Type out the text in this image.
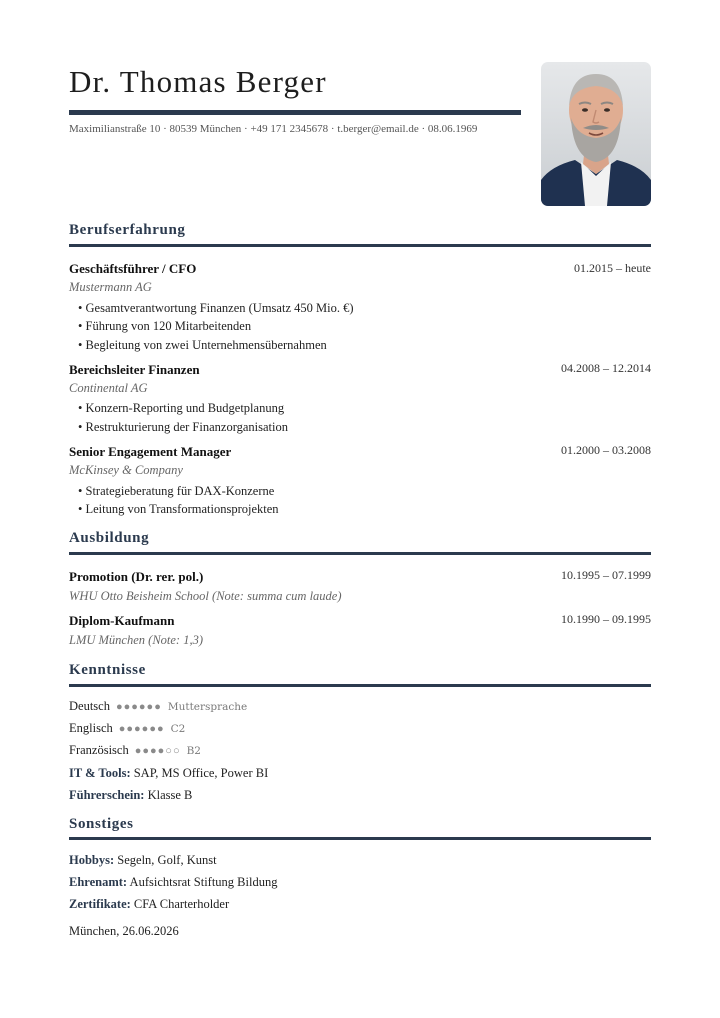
Dr. Thomas Berger
Maximilianstraße 10 · 80539 München · +49 171 2345678 · t.berger@email.de · 08.06.1969
Berufserfahrung
Geschäftsführer / CFO	01.2015 – heute
Mustermann AG
• Gesamtverantwortung Finanzen (Umsatz 450 Mio. €)
• Führung von 120 Mitarbeitenden
• Begleitung von zwei Unternehmensübernahmen
Bereichsleiter Finanzen	04.2008 – 12.2014
Continental AG
• Konzern-Reporting und Budgetplanung
• Restrukturierung der Finanzorganisation
Senior Engagement Manager	01.2000 – 03.2008
McKinsey & Company
• Strategieberatung für DAX-Konzerne
• Leitung von Transformationsprojekten
Ausbildung
Promotion (Dr. rer. pol.)	10.1995 – 07.1999
WHU Otto Beisheim School (Note: summa cum laude)
Diplom-Kaufmann	10.1990 – 09.1995
LMU München (Note: 1,3)
Kenntnisse
Deutsch ●●●●●● Muttersprache
Englisch ●●●●●● C2
Französisch ●●●●○○ B2
IT & Tools: SAP, MS Office, Power BI
Führerschein: Klasse B
Sonstiges
Hobbys: Segeln, Golf, Kunst
Ehrenamt: Aufsichtsrat Stiftung Bildung
Zertifikate: CFA Charterholder
München, 26.06.2026
